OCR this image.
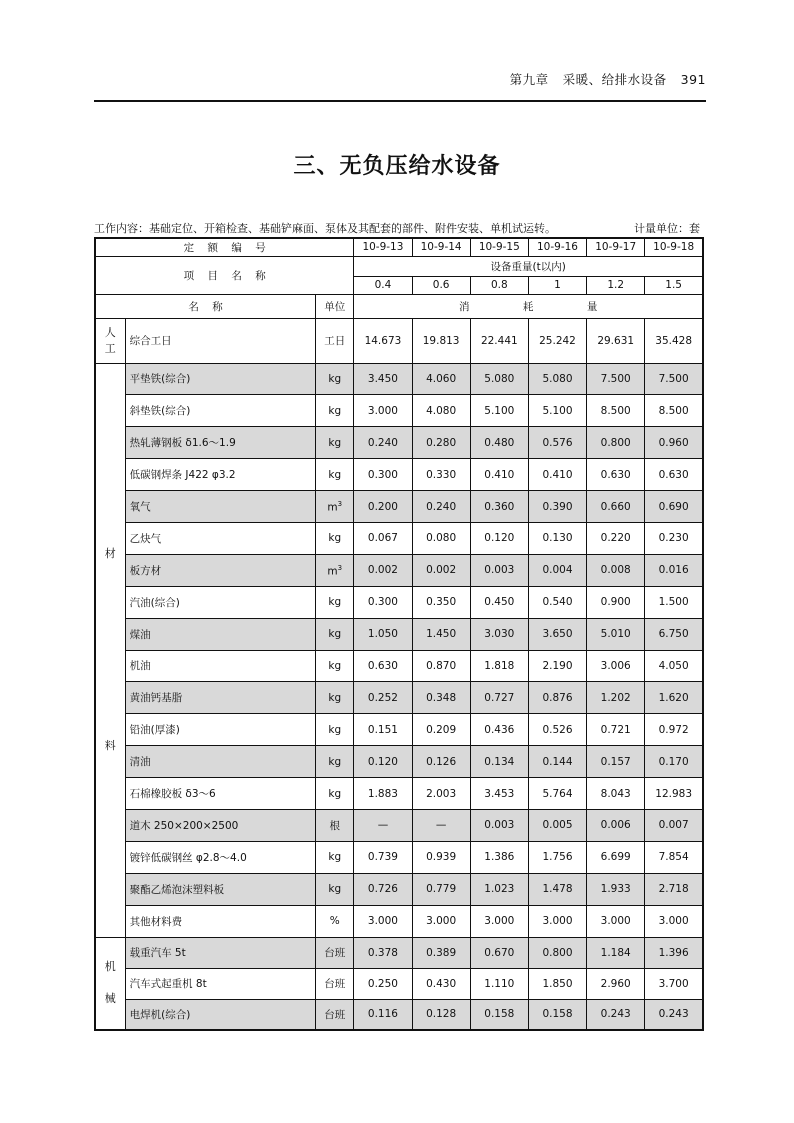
第九章 采暖、给排水设备 391
三、无负压给水设备
工作内容：基础定位、开箱检查、基础铲麻面、泵体及其配套的部件、附件安装、单机试运转。	计量单位：套
定    额    编    号			10-9-13	10-9-14	10-9-15	10-9-16	10-9-17	10-9-18
项    目    名    称			设备重量(t以内)					
			0.4	0.6	0.8	1	1.2	1.5
名    称		单位	消                耗                量					
人
工	综合工日	工日	14.673	19.813	22.441	25.242	29.631	35.428
材

料	平垫铁(综合)	kg	3.450	4.060	5.080	5.080	7.500	7.500
	斜垫铁(综合)	kg	3.000	4.080	5.100	5.100	8.500	8.500
	热轧薄钢板 δ1.6～1.9	kg	0.240	0.280	0.480	0.576	0.800	0.960
	低碳钢焊条 J422 φ3.2	kg	0.300	0.330	0.410	0.410	0.630	0.630
	氧气	$m^3$	0.200	0.240	0.360	0.390	0.660	0.690
	乙炔气	kg	0.067	0.080	0.120	0.130	0.220	0.230
	板方材	$m^3$	0.002	0.002	0.003	0.004	0.008	0.016
	汽油(综合)	kg	0.300	0.350	0.450	0.540	0.900	1.500
	煤油	kg	1.050	1.450	3.030	3.650	5.010	6.750
	机油	kg	0.630	0.870	1.818	2.190	3.006	4.050
	黄油钙基脂	kg	0.252	0.348	0.727	0.876	1.202	1.620
	铅油(厚漆)	kg	0.151	0.209	0.436	0.526	0.721	0.972
	清油	kg	0.120	0.126	0.134	0.144	0.157	0.170
	石棉橡胶板 δ3～6	kg	1.883	2.003	3.453	5.764	8.043	12.983
	道木 250×200×2500	根	—	—	0.003	0.005	0.006	0.007
	镀锌低碳钢丝 φ2.8～4.0	kg	0.739	0.939	1.386	1.756	6.699	7.854
	聚酯乙烯泡沫塑料板	kg	0.726	0.779	1.023	1.478	1.933	2.718
	其他材料费	%	3.000	3.000	3.000	3.000	3.000	3.000
机

械	载重汽车 5t	台班	0.378	0.389	0.670	0.800	1.184	1.396
	汽车式起重机 8t	台班	0.250	0.430	1.110	1.850	2.960	3.700
	电焊机(综合)	台班	0.116	0.128	0.158	0.158	0.243	0.243
